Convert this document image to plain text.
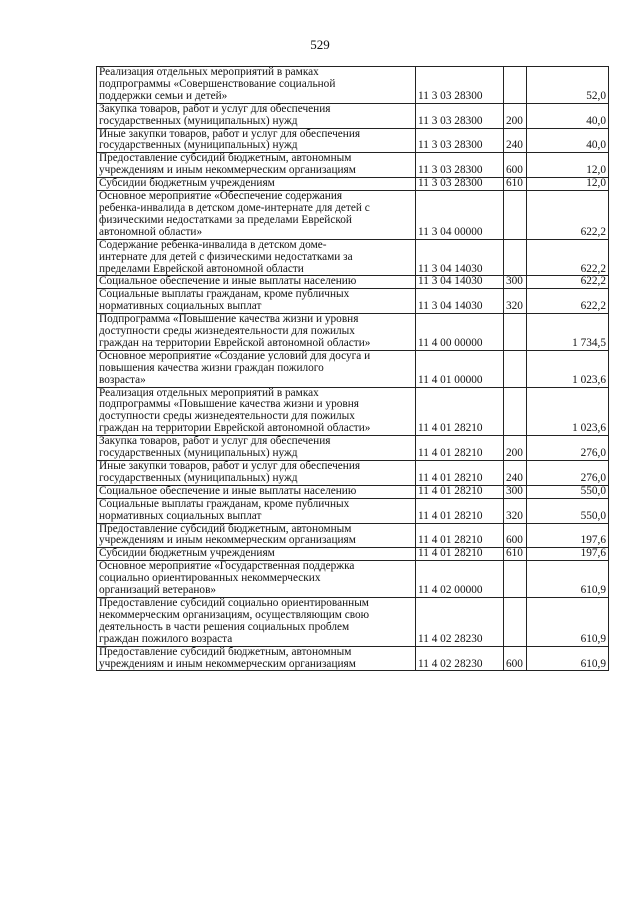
529
Реализация отдельных мероприятий в рамках
подпрограммы «Совершенствование социальной
поддержки семьи и детей»	11 3 03 28300		52,0

Закупка товаров, работ и услуг для обеспечения
государственных (муниципальных) нужд	11 3 03 28300	200	40,0

Иные закупки товаров, работ и услуг для обеспечения
государственных (муниципальных) нужд	11 3 03 28300	240	40,0

Предоставление субсидий бюджетным, автономным
учреждениям и иным некоммерческим организациям	11 3 03 28300	600	12,0

Субсидии бюджетным учреждениям	11 3 03 28300	610	12,0

Основное мероприятие «Обеспечение содержания
ребенка-инвалида в детском доме-интернате для детей с
физическими недостатками за пределами Еврейской
автономной области»	11 3 04 00000		622,2

Содержание ребенка-инвалида в детском доме-
интернате для детей с физическими недостатками за
пределами Еврейской автономной области	11 3 04 14030		622,2

Социальное обеспечение и иные выплаты населению	11 3 04 14030	300	622,2

Социальные выплаты гражданам, кроме публичных
нормативных социальных выплат	11 3 04 14030	320	622,2

Подпрограмма «Повышение качества жизни и уровня
доступности среды жизнедеятельности для пожилых
граждан на территории Еврейской автономной области»	11 4 00 00000		1 734,5

Основное мероприятие «Создание условий для досуга и
повышения качества жизни граждан пожилого
возраста»	11 4 01 00000		1 023,6

Реализация отдельных мероприятий в рамках
подпрограммы «Повышение качества жизни и уровня
доступности среды жизнедеятельности для пожилых
граждан на территории Еврейской автономной области»	11 4 01 28210		1 023,6

Закупка товаров, работ и услуг для обеспечения
государственных (муниципальных) нужд	11 4 01 28210	200	276,0

Иные закупки товаров, работ и услуг для обеспечения
государственных (муниципальных) нужд	11 4 01 28210	240	276,0

Социальное обеспечение и иные выплаты населению	11 4 01 28210	300	550,0

Социальные выплаты гражданам, кроме публичных
нормативных социальных выплат	11 4 01 28210	320	550,0

Предоставление субсидий бюджетным, автономным
учреждениям и иным некоммерческим организациям	11 4 01 28210	600	197,6

Субсидии бюджетным учреждениям	11 4 01 28210	610	197,6

Основное мероприятие «Государственная поддержка
социально ориентированных некоммерческих
организаций ветеранов»	11 4 02 00000		610,9

Предоставление субсидий социально ориентированным
некоммерческим организациям, осуществляющим свою
деятельность в части решения социальных проблем
граждан пожилого возраста	11 4 02 28230		610,9

Предоставление субсидий бюджетным, автономным
учреждениям и иным некоммерческим организациям	11 4 02 28230	600	610,9
